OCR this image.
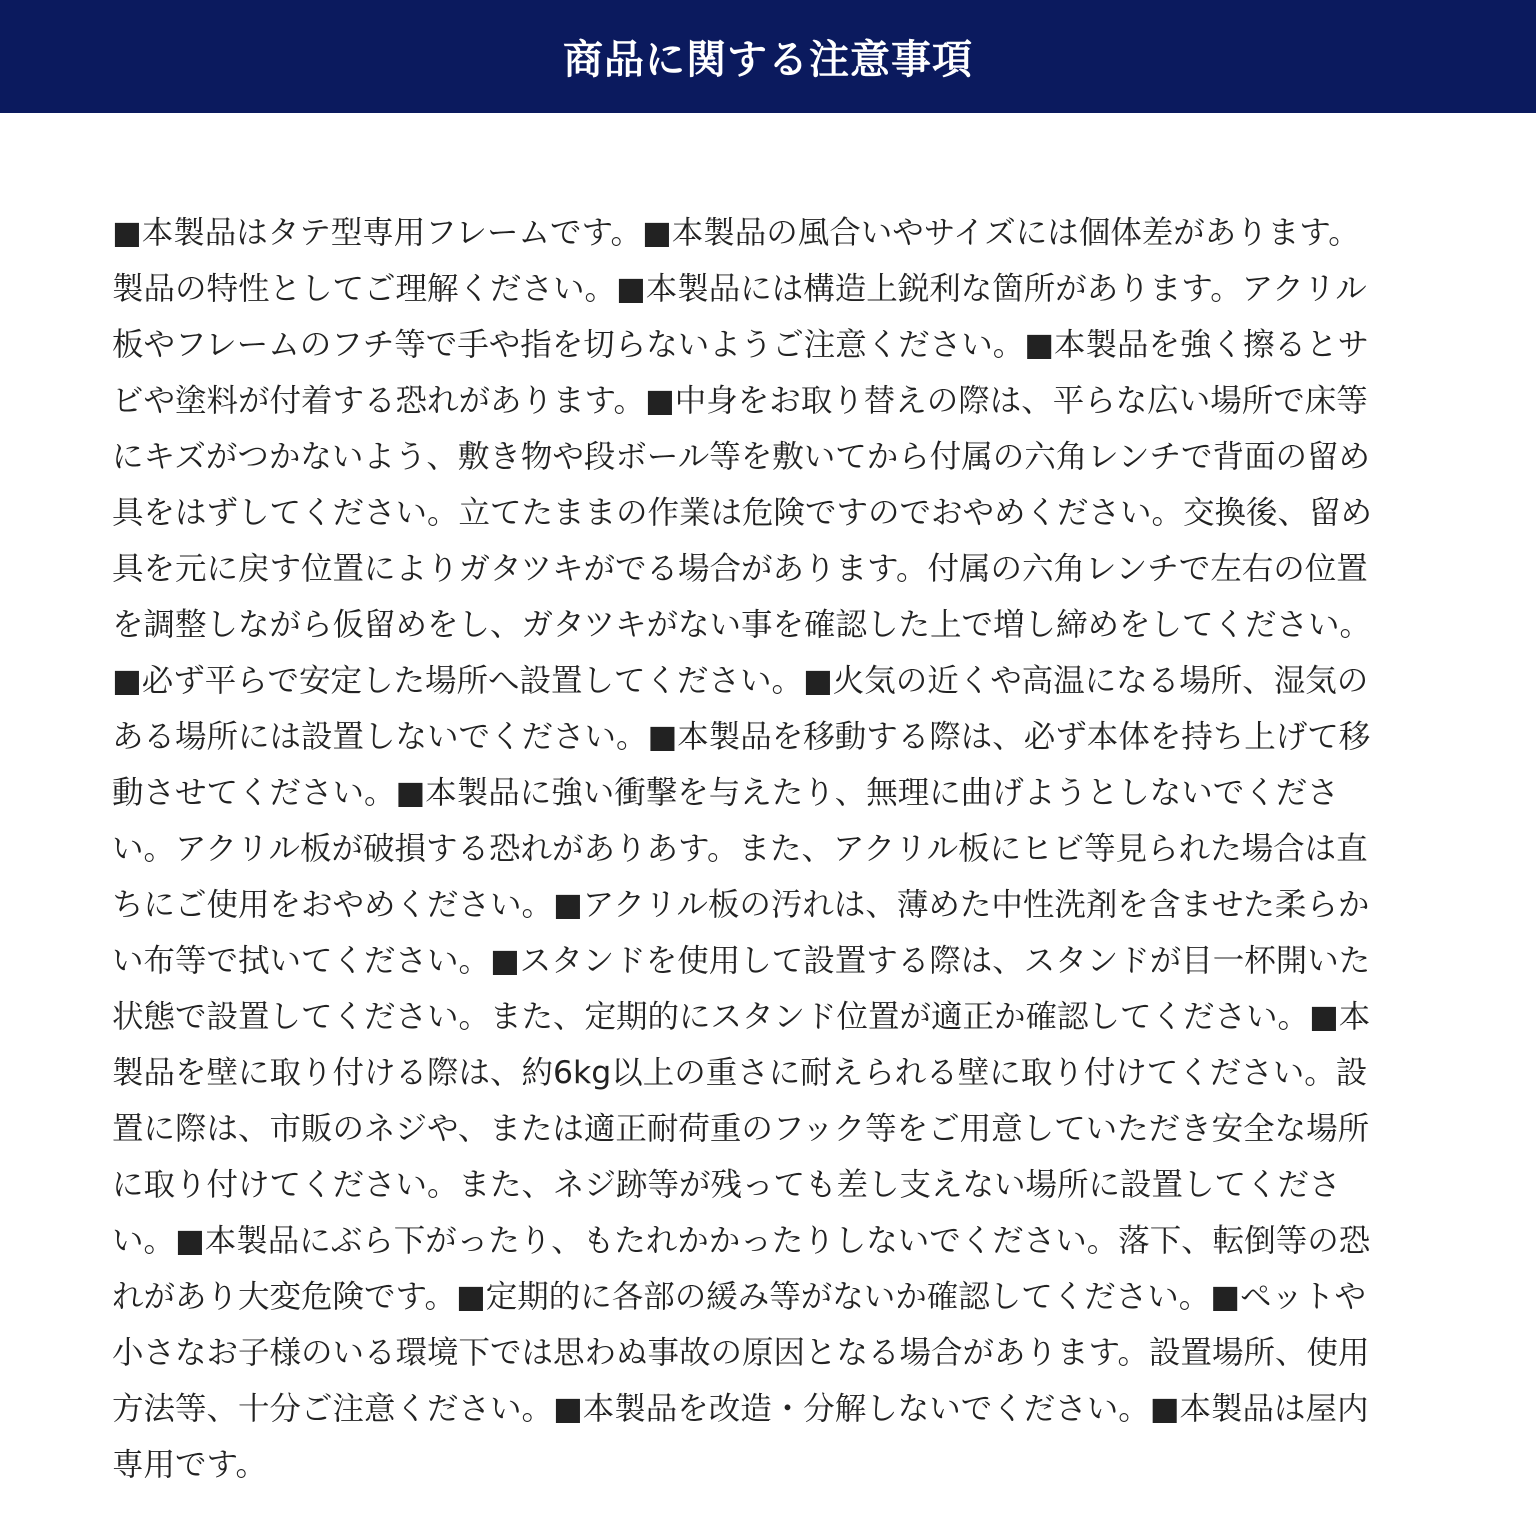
商品に関する注意事項
■本製品はタテ型専用フレームです。■本製品の風合いやサイズには個体差があります。
製品の特性としてご理解ください。■本製品には構造上鋭利な箇所があります。アクリル
板やフレームのフチ等で手や指を切らないようご注意ください。■本製品を強く擦るとサ
ビや塗料が付着する恐れがあります。■中身をお取り替えの際は、平らな広い場所で床等
にキズがつかないよう、敷き物や段ボール等を敷いてから付属の六角レンチで背面の留め
具をはずしてください。立てたままの作業は危険ですのでおやめください。交換後、留め
具を元に戻す位置によりガタツキがでる場合があります。付属の六角レンチで左右の位置
を調整しながら仮留めをし、ガタツキがない事を確認した上で増し締めをしてください。
■必ず平らで安定した場所へ設置してください。■火気の近くや高温になる場所、湿気の
ある場所には設置しないでください。■本製品を移動する際は、必ず本体を持ち上げて移
動させてください。■本製品に強い衝撃を与えたり、無理に曲げようとしないでくださ
い。アクリル板が破損する恐れがありあす。また、アクリル板にヒビ等見られた場合は直
ちにご使用をおやめください。■アクリル板の汚れは、薄めた中性洗剤を含ませた柔らか
い布等で拭いてください。■スタンドを使用して設置する際は、スタンドが目一杯開いた
状態で設置してください。また、定期的にスタンド位置が適正か確認してください。■本
製品を壁に取り付ける際は、約6kg以上の重さに耐えられる壁に取り付けてください。設
置に際は、市販のネジや、または適正耐荷重のフック等をご用意していただき安全な場所
に取り付けてください。また、ネジ跡等が残っても差し支えない場所に設置してくださ
い。■本製品にぶら下がったり、もたれかかったりしないでください。落下、転倒等の恐
れがあり大変危険です。■定期的に各部の緩み等がないか確認してください。■ペットや
小さなお子様のいる環境下では思わぬ事故の原因となる場合があります。設置場所、使用
方法等、十分ご注意ください。■本製品を改造・分解しないでください。■本製品は屋内
専用です。
